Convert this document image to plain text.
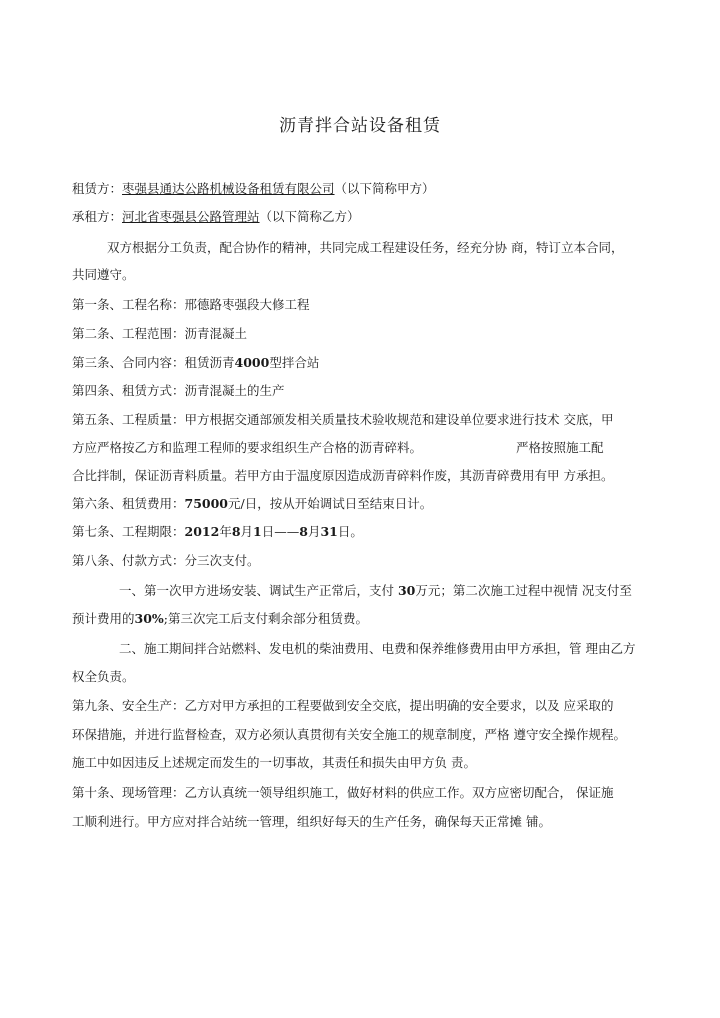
沥青拌合站设备租赁
租赁方：枣强县通达公路机械设备租赁有限公司（以下简称甲方）
承租方：河北省枣强县公路管理站（以下简称乙方）
双方根据分工负责，配合协作的精神，共同完成工程建设任务，经充分协 商，特订立本合同，
共同遵守。
第一条、工程名称：邢德路枣强段大修工程
第二条、工程范围：沥青混凝土
第三条、合同内容：租赁沥青4000型拌合站
第四条、租赁方式：沥青混凝土的生产
第五条、工程质量：甲方根据交通部颁发相关质量技术验收规范和建设单位要求进行技术 交底，甲
方应严格按乙方和监理工程师的要求组织生产合格的沥青碎料。	严格按照施工配
合比拌制，保证沥青料质量。若甲方由于温度原因造成沥青碎料作废，其沥青碎费用有甲 方承担。
第六条、租赁费用：75000元/日，按从开始调试日至结束日计。
第七条、工程期限：2012年8月1日——8月31日。
第八条、付款方式：分三次支付。
一、第一次甲方进场安装、调试生产正常后，支付 30万元；第二次施工过程中视情 况支付至
预计费用的30%;第三次完工后支付剩余部分租赁费。
二、施工期间拌合站燃料、发电机的柴油费用、电费和保养维修费用由甲方承担，管 理由乙方
权全负责。
第九条、安全生产：乙方对甲方承担的工程要做到安全交底，提出明确的安全要求，以及 应采取的
环保措施，并进行监督检查，双方必须认真贯彻有关安全施工的规章制度，严格 遵守安全操作规程。
施工中如因违反上述规定而发生的一切事故，其责任和损失由甲方负 责。
第十条、现场管理：乙方认真统一领导组织施工，做好材料的供应工作。双方应密切配合， 保证施
工顺利进行。甲方应对拌合站统一管理，组织好每天的生产任务，确保每天正常摊 铺。
